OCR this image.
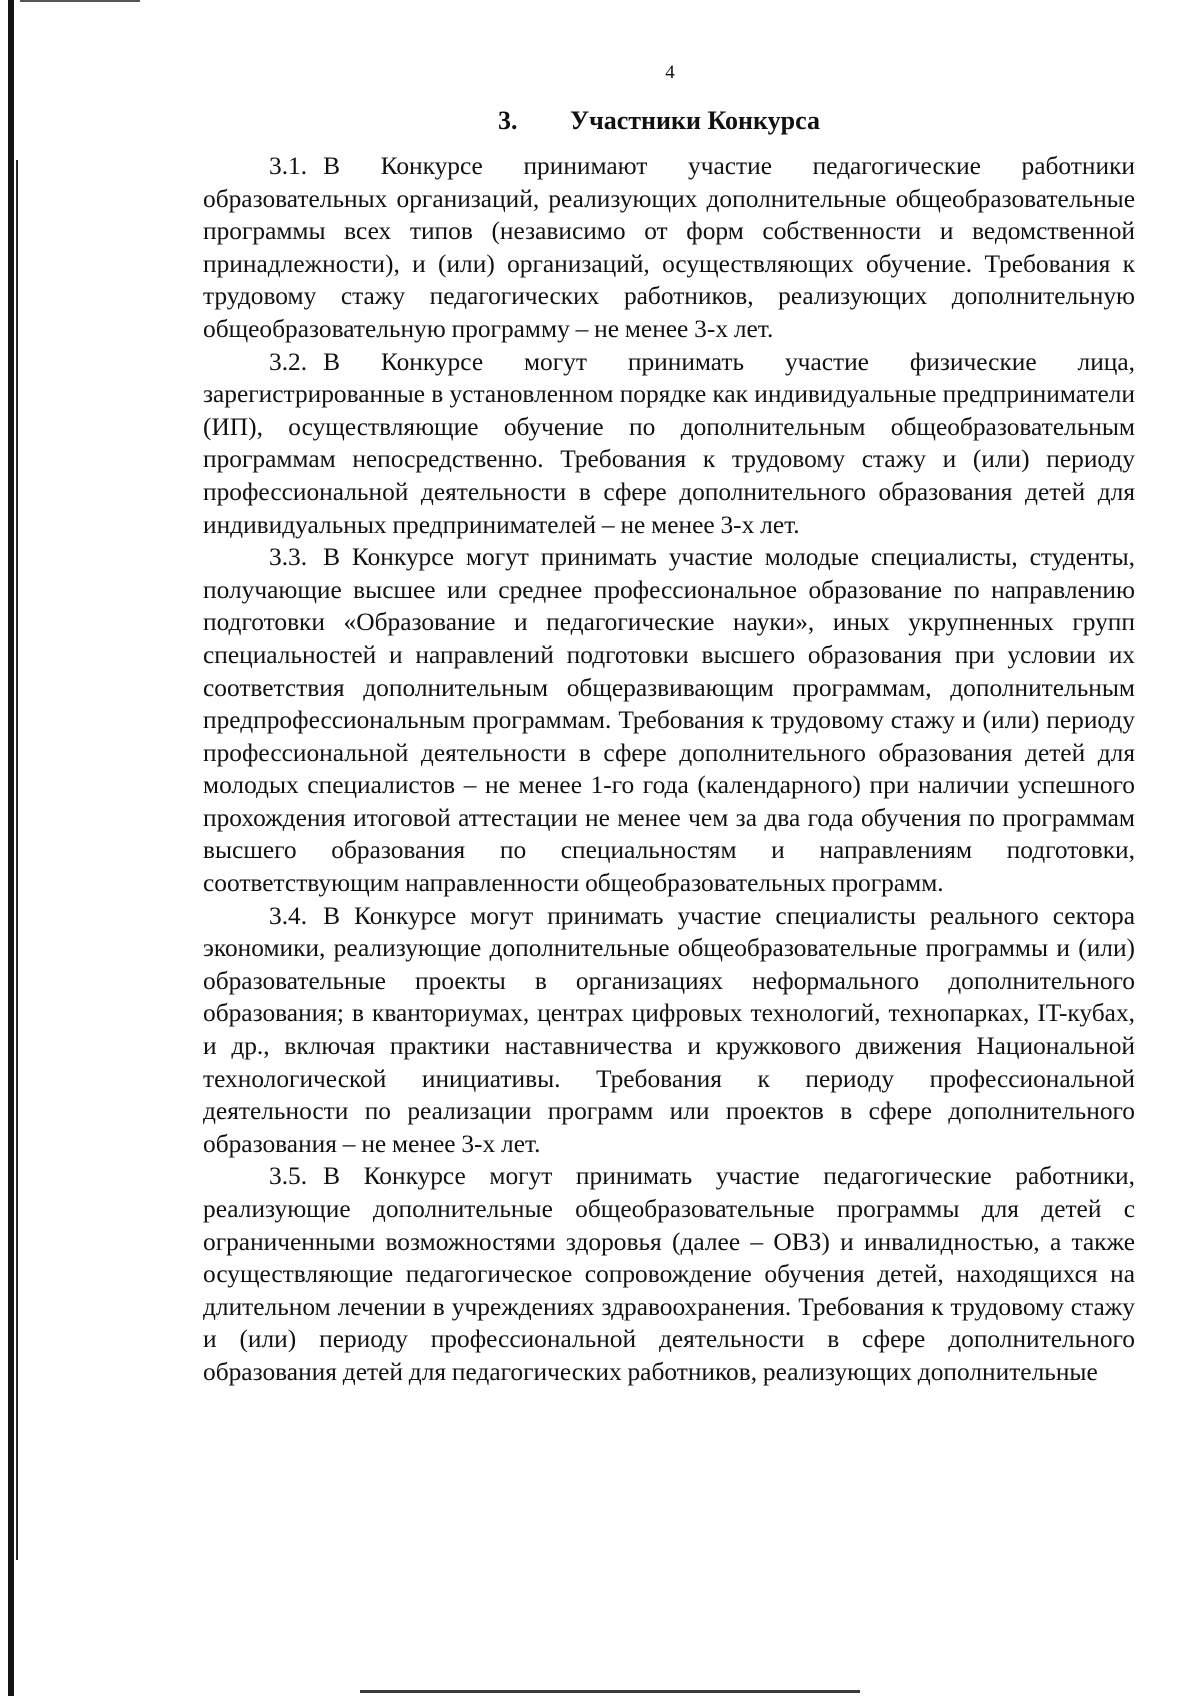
4
3. Участники Конкурса

3.1. В Конкурсе принимают участие педагогические работники образовательных организаций, реализующих дополнительные общеобразовательные программы всех типов (независимо от форм собственности и ведомственной принадлежности), и (или) организаций, осуществляющих обучение. Требования к трудовому стажу педагогических работников, реализующих дополнительную общеобразовательную программу – не менее 3-х лет.

3.2. В Конкурсе могут принимать участие физические лица, зарегистрированные в установленном порядке как индивидуальные предприниматели (ИП), осуществляющие обучение по дополнительным общеобразовательным программам непосредственно. Требования к трудовому стажу и (или) периоду профессиональной деятельности в сфере дополнительного образования детей для индивидуальных предпринимателей – не менее 3-х лет.

3.3. В Конкурсе могут принимать участие молодые специалисты, студенты, получающие высшее или среднее профессиональное образование по направлению подготовки «Образование и педагогические науки», иных укрупненных групп специальностей и направлений подготовки высшего образования при условии их соответствия дополнительным общеразвивающим программам, дополнительным предпрофессиональным программам. Требования к трудовому стажу и (или) периоду профессиональной деятельности в сфере дополнительного образования детей для молодых специалистов – не менее 1-го года (календарного) при наличии успешного прохождения итоговой аттестации не менее чем за два года обучения по программам высшего образования по специальностям и направлениям подготовки, соответствующим направленности общеобразовательных программ.

3.4. В Конкурсе могут принимать участие специалисты реального сектора экономики, реализующие дополнительные общеобразовательные программы и (или) образовательные проекты в организациях неформального дополнительного образования; в кванториумах, центрах цифровых технологий, технопарках, IT-кубах, и др., включая практики наставничества и кружкового движения Национальной технологической инициативы. Требования к периоду профессиональной деятельности по реализации программ или проектов в сфере дополнительного образования – не менее 3-х лет.

3.5. В Конкурсе могут принимать участие педагогические работники, реализующие дополнительные общеобразовательные программы для детей с ограниченными возможностями здоровья (далее – ОВЗ) и инвалидностью, а также осуществляющие педагогическое сопровождение обучения детей, находящихся на длительном лечении в учреждениях здравоохранения. Требования к трудовому стажу и (или) периоду профессиональной деятельности в сфере дополнительного образования детей для педагогических работников, реализующих дополнительные
